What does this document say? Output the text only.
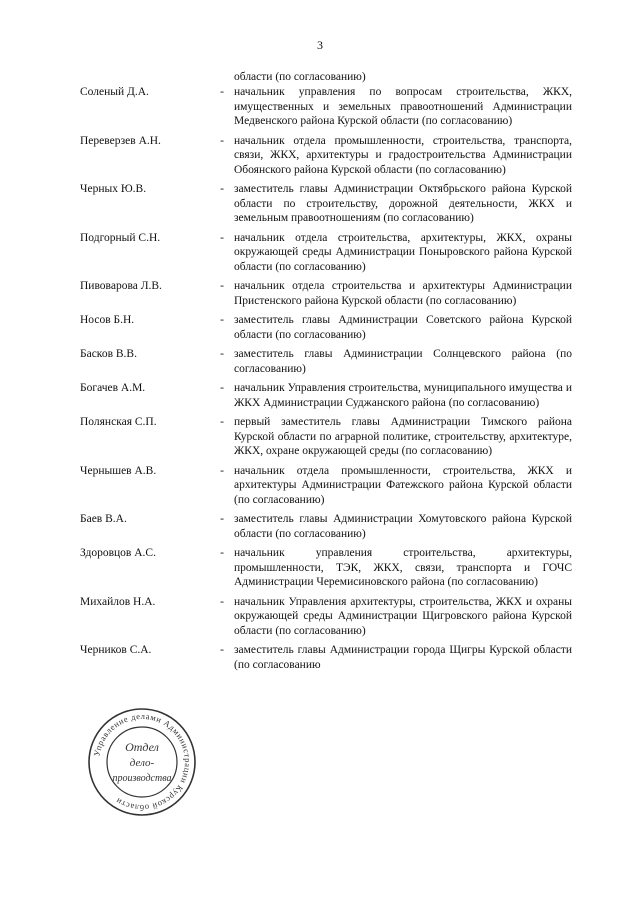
3
области (по согласованию)
Соленый Д.А.	- начальник управления по вопросам строительства, ЖКХ, имущественных и земельных правоотношений Администрации Медвенского района Курской области (по согласованию)
Переверзев А.Н.	- начальник отдела промышленности, строительства, транспорта, связи, ЖКХ, архитектуры и градостроительства Администрации Обоянского района Курской области (по согласованию)
Черных Ю.В.	- заместитель главы Администрации Октябрьского района Курской области по строительству, дорожной деятельности, ЖКХ и земельным правоотношениям (по согласованию)
Подгорный С.Н.	- начальник отдела строительства, архитектуры, ЖКХ, охраны окружающей среды Администрации Поныровского района Курской области (по согласованию)
Пивоварова Л.В.	- начальник отдела строительства и архитектуры Администрации Пристенского района Курской области (по согласованию)
Носов Б.Н.	- заместитель главы Администрации Советского района Курской области (по согласованию)
Басков В.В.	- заместитель главы Администрации Солнцевского района (по согласованию)
Богачев А.М.	- начальник Управления строительства, муниципального имущества и ЖКХ Администрации Суджанского района (по согласованию)
Полянская С.П.	- первый заместитель главы Администрации Тимского района Курской области по аграрной политике, строительству, архитектуре, ЖКХ, охране окружающей среды (по согласованию)
Чернышев А.В.	- начальник отдела промышленности, строительства, ЖКХ и архитектуры Администрации Фатежского района Курской области (по согласованию)
Баев В.А.	- заместитель главы Администрации Хомутовского района Курской области (по согласованию)
Здоровцов А.С.	- начальник управления строительства, архитектуры, промышленности, ТЭК, ЖКХ, связи, транспорта и ГОЧС Администрации Черемисиновского района (по согласованию)
Михайлов Н.А.	- начальник Управления архитектуры, строительства, ЖКХ и охраны окружающей среды Администрации Щигровского района Курской области (по согласованию)
Черников С.А.	- заместитель главы Администрации города Щигры Курской области (по согласованию
Управление делами Администрации Курской области
Отдел
дело-
производства
